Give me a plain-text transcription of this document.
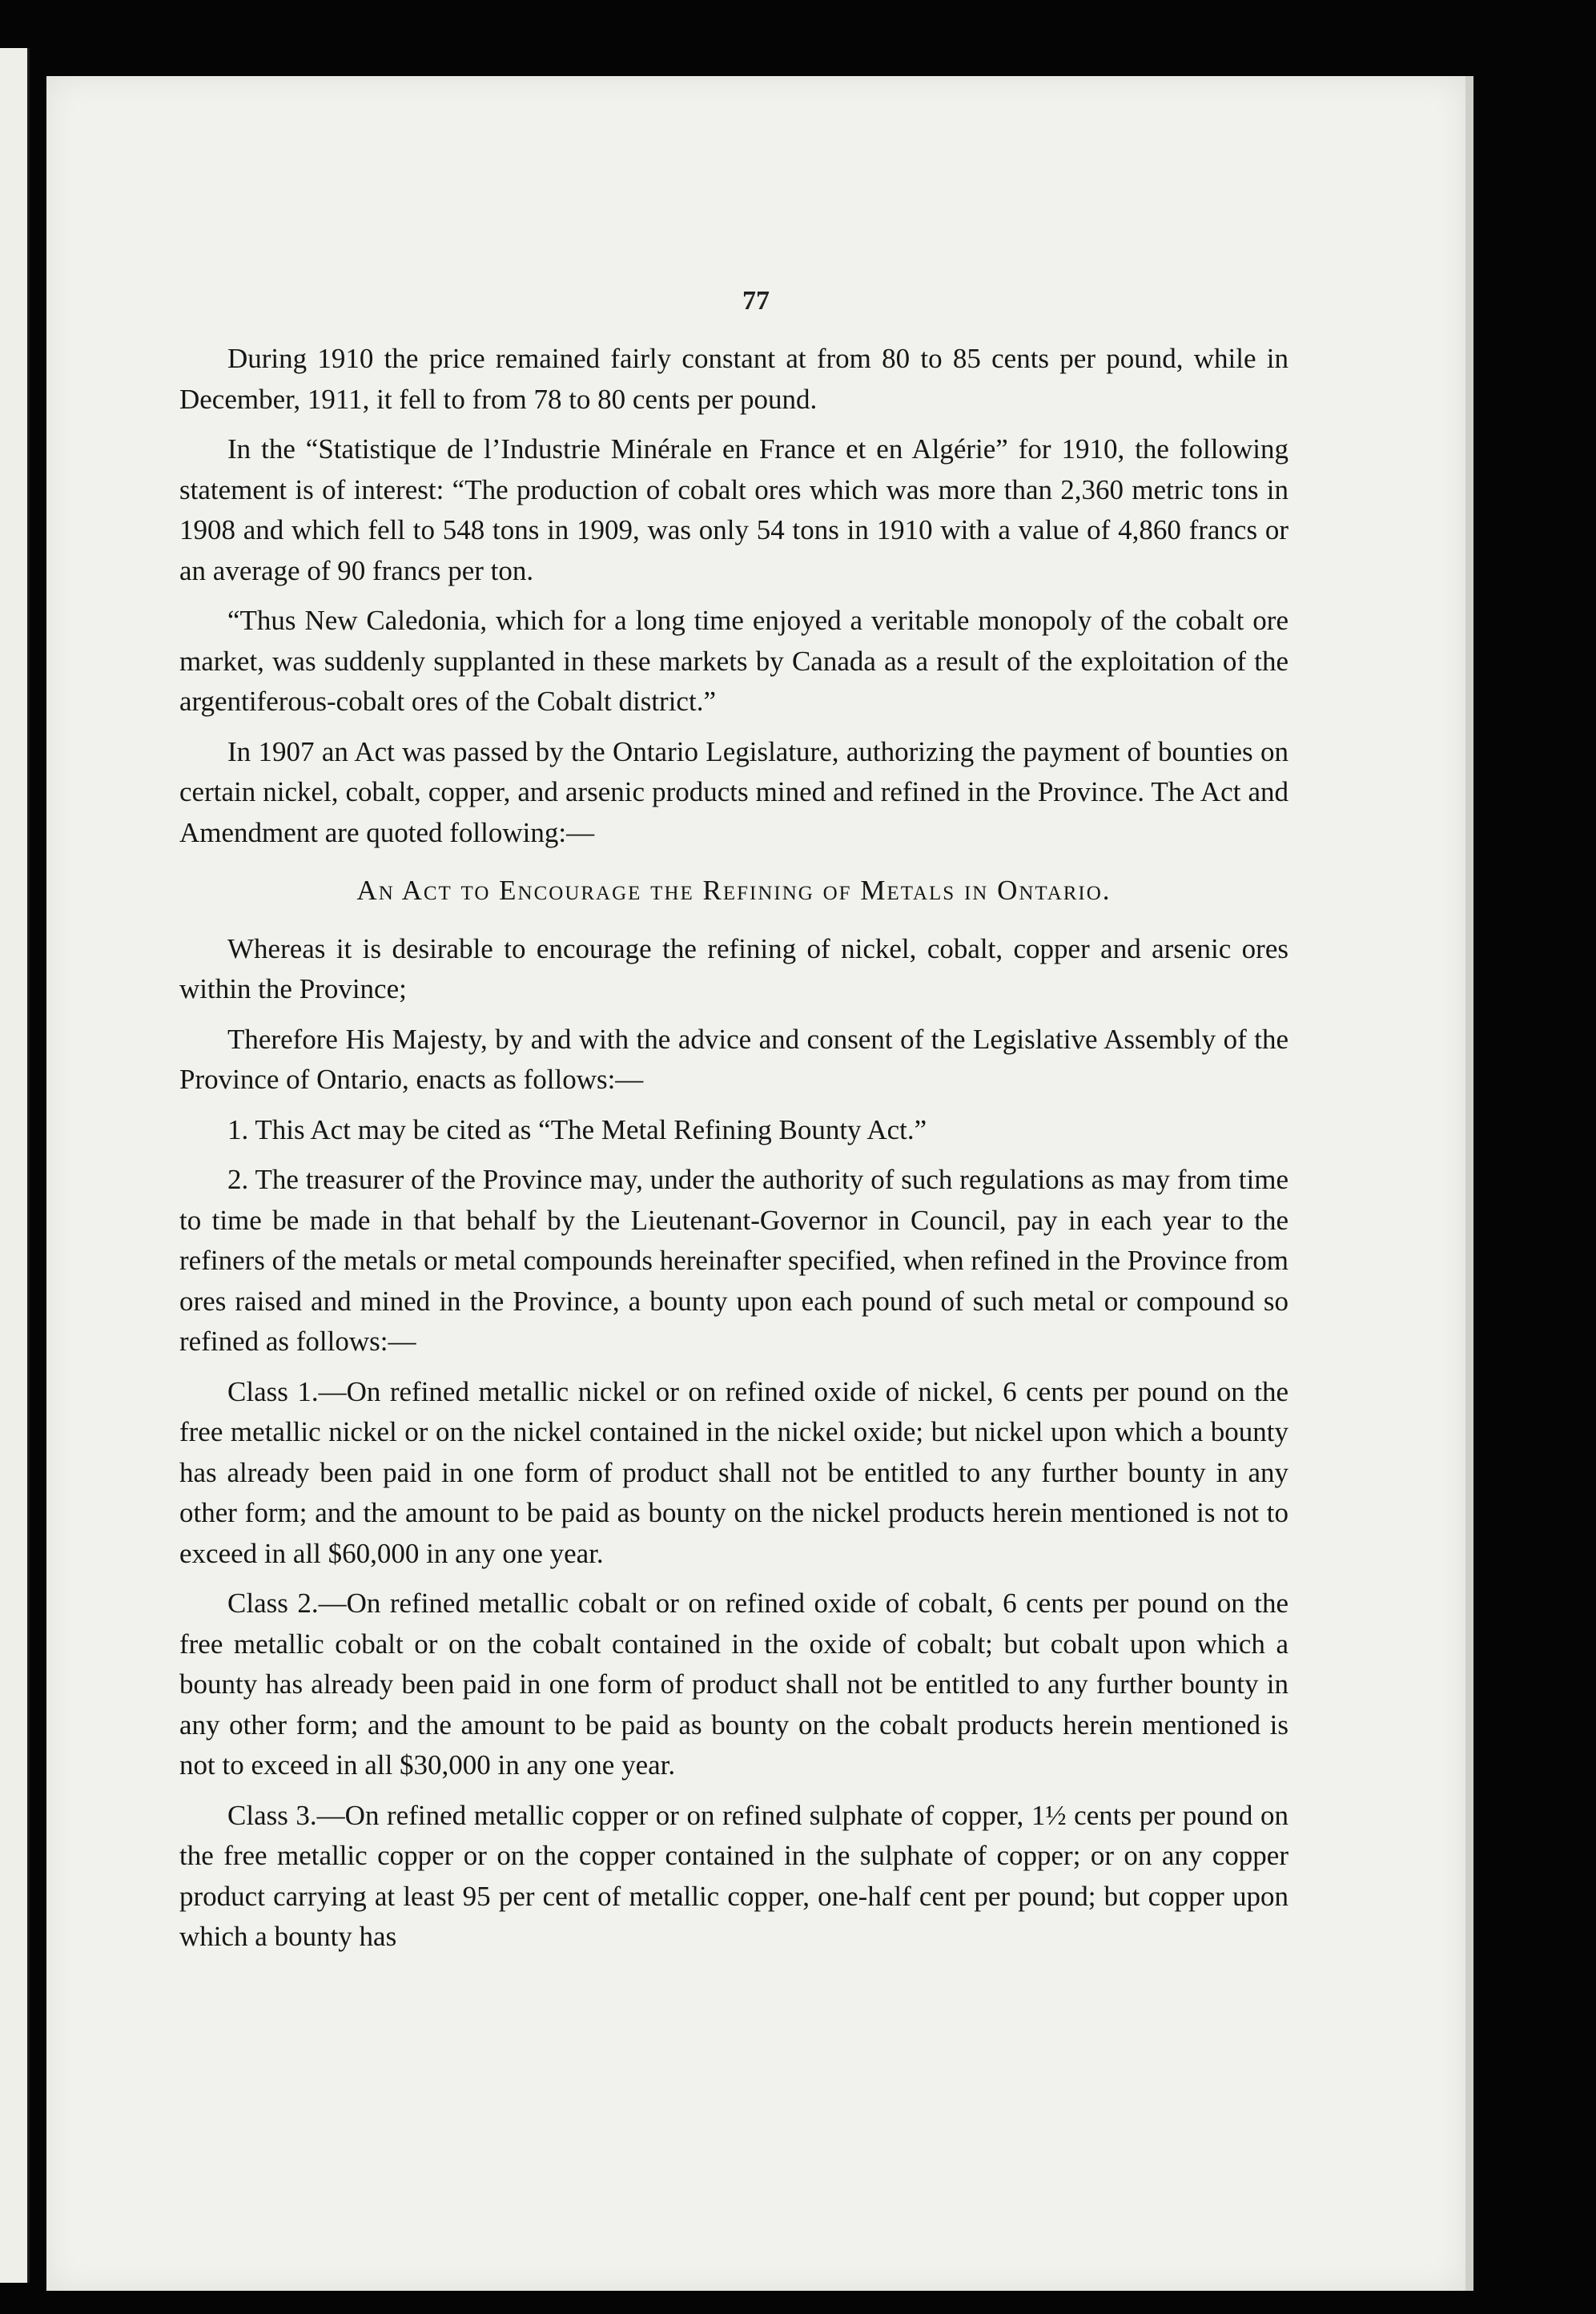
77

During 1910 the price remained fairly constant at from 80 to 85 cents per pound, while in December, 1911, it fell to from 78 to 80 cents per pound.

In the “Statistique de l’Industrie Minérale en France et en Algérie” for 1910, the following statement is of interest: “The production of cobalt ores which was more than 2,360 metric tons in 1908 and which fell to 548 tons in 1909, was only 54 tons in 1910 with a value of 4,860 francs or an average of 90 francs per ton.

“Thus New Caledonia, which for a long time enjoyed a veritable monopoly of the cobalt ore market, was suddenly supplanted in these markets by Canada as a result of the exploitation of the argentiferous-cobalt ores of the Cobalt district.”

In 1907 an Act was passed by the Ontario Legislature, authorizing the payment of bounties on certain nickel, cobalt, copper, and arsenic products mined and refined in the Province. The Act and Amendment are quoted following:—

An Act to Encourage the Refining of Metals in Ontario.

Whereas it is desirable to encourage the refining of nickel, cobalt, copper and arsenic ores within the Province;

Therefore His Majesty, by and with the advice and consent of the Legislative Assembly of the Province of Ontario, enacts as follows:—

1. This Act may be cited as “The Metal Refining Bounty Act.”

2. The treasurer of the Province may, under the authority of such regulations as may from time to time be made in that behalf by the Lieutenant-Governor in Council, pay in each year to the refiners of the metals or metal compounds hereinafter specified, when refined in the Province from ores raised and mined in the Province, a bounty upon each pound of such metal or compound so refined as follows:—

Class 1.—On refined metallic nickel or on refined oxide of nickel, 6 cents per pound on the free metallic nickel or on the nickel contained in the nickel oxide; but nickel upon which a bounty has already been paid in one form of product shall not be entitled to any further bounty in any other form; and the amount to be paid as bounty on the nickel products herein mentioned is not to exceed in all $60,000 in any one year.

Class 2.—On refined metallic cobalt or on refined oxide of cobalt, 6 cents per pound on the free metallic cobalt or on the cobalt contained in the oxide of cobalt; but cobalt upon which a bounty has already been paid in one form of product shall not be entitled to any further bounty in any other form; and the amount to be paid as bounty on the cobalt products herein mentioned is not to exceed in all $30,000 in any one year.

Class 3.—On refined metallic copper or on refined sulphate of copper, 1½ cents per pound on the free metallic copper or on the copper contained in the sulphate of copper; or on any copper product carrying at least 95 per cent of metallic copper, one-half cent per pound; but copper upon which a bounty has
